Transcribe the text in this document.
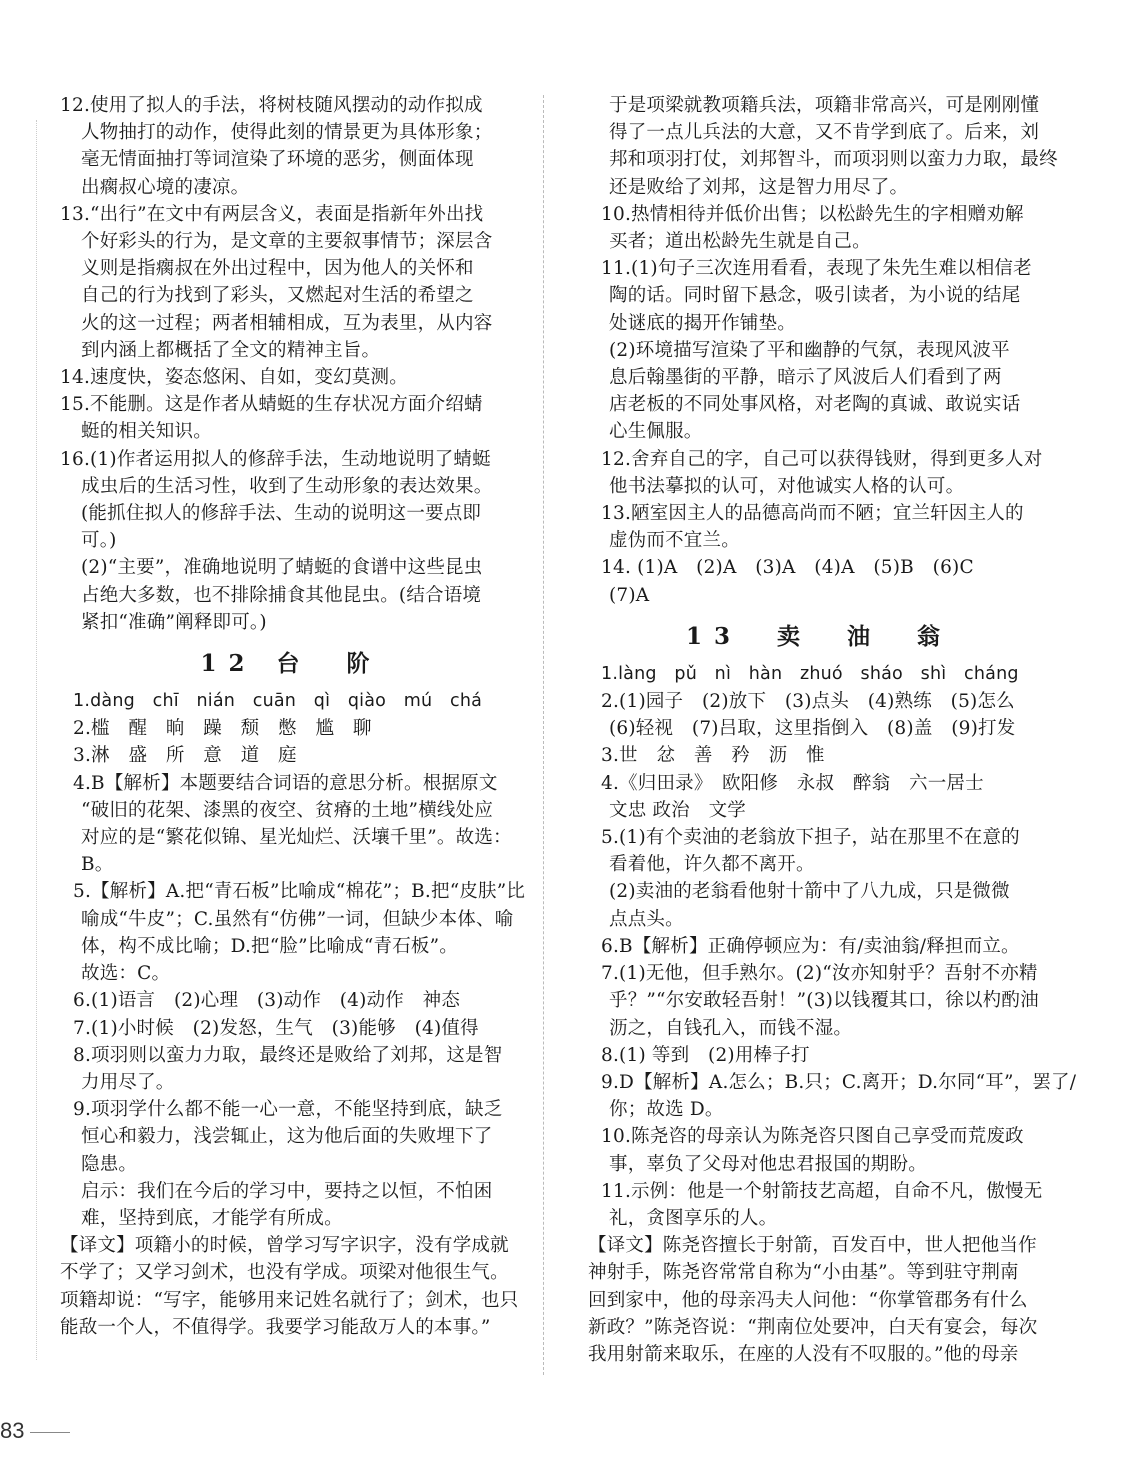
12.使用了拟人的手法，将树枝随风摆动的动作拟成
人物抽打的动作，使得此刻的情景更为具体形象；
毫无情面抽打等词渲染了环境的恶劣，侧面体现
出瘸叔心境的凄凉。
13.“出行”在文中有两层含义，表面是指新年外出找
个好彩头的行为，是文章的主要叙事情节；深层含
义则是指瘸叔在外出过程中，因为他人的关怀和
自己的行为找到了彩头，又燃起对生活的希望之
火的这一过程；两者相辅相成，互为表里，从内容
到内涵上都概括了全文的精神主旨。
14.速度快，姿态悠闲、自如，变幻莫测。
15.不能删。这是作者从蜻蜓的生存状况方面介绍蜻
蜓的相关知识。
16.(1)作者运用拟人的修辞手法，生动地说明了蜻蜓
成虫后的生活习性，收到了生动形象的表达效果。
(能抓住拟人的修辞手法、生动的说明这一要点即
可。)
(2)“主要”，准确地说明了蜻蜓的食谱中这些昆虫
占绝大多数，也不排除捕食其他昆虫。(结合语境
紧扣“准确”阐释即可。)
12 台　阶
1.dàng　chī　nián　cuān　qì　qiào　mú　chá
2.槛　醒　晌　躁　颓　憋　尴　聊
3.淋　盛　所　意　道　庭
4.B【解析】本题要结合词语的意思分析。根据原文
“破旧的花架、漆黑的夜空、贫瘠的土地”横线处应
对应的是“繁花似锦、星光灿烂、沃壤千里”。故选：
B。
5.【解析】A.把“青石板”比喻成“棉花”；B.把“皮肤”比
喻成“牛皮”；C.虽然有“仿佛”一词，但缺少本体、喻
体，构不成比喻；D.把“脸”比喻成“青石板”。
故选：C。
6.(1)语言　(2)心理　(3)动作　(4)动作　神态
7.(1)小时候　(2)发怒，生气　(3)能够　(4)值得
8.项羽则以蛮力力取，最终还是败给了刘邦，这是智
力用尽了。
9.项羽学什么都不能一心一意，不能坚持到底，缺乏
恒心和毅力，浅尝辄止，这为他后面的失败埋下了
隐患。
启示：我们在今后的学习中，要持之以恒，不怕困
难，坚持到底，才能学有所成。
【译文】项籍小的时候，曾学习写字识字，没有学成就
不学了；又学习剑术，也没有学成。项梁对他很生气。
项籍却说：“写字，能够用来记姓名就行了；剑术，也只
能敌一个人，不值得学。我要学习能敌万人的本事。”
于是项梁就教项籍兵法，项籍非常高兴，可是刚刚懂
得了一点儿兵法的大意，又不肯学到底了。后来，刘
邦和项羽打仗，刘邦智斗，而项羽则以蛮力力取，最终
还是败给了刘邦，这是智力用尽了。
10.热情相待并低价出售；以松龄先生的字相赠劝解
买者；道出松龄先生就是自己。
11.(1)句子三次连用看看，表现了朱先生难以相信老
陶的话。同时留下悬念，吸引读者，为小说的结尾
处谜底的揭开作铺垫。
(2)环境描写渲染了平和幽静的气氛，表现风波平
息后翰墨街的平静，暗示了风波后人们看到了两
店老板的不同处事风格，对老陶的真诚、敢说实话
心生佩服。
12.舍弃自己的字，自己可以获得钱财，得到更多人对
他书法摹拟的认可，对他诚实人格的认可。
13.陋室因主人的品德高尚而不陋；宜兰轩因主人的
虚伪而不宜兰。
14. (1)A　(2)A　(3)A　(4)A　(5)B　(6)C
(7)A
13　卖　油　翁
1.làng　pǔ　nì　hàn　zhuó　sháo　shì　cháng
2.(1)园子　(2)放下　(3)点头　(4)熟练　(5)怎么
(6)轻视　(7)吕取，这里指倒入　(8)盖　(9)打发
3.世　忿　善　矜　沥　惟
4.《归田录》　欧阳修　永叔　醉翁　六一居士
文忠 政治　文学
5.(1)有个卖油的老翁放下担子，站在那里不在意的
看着他，许久都不离开。
(2)卖油的老翁看他射十箭中了八九成，只是微微
点点头。
6.B【解析】正确停顿应为：有/卖油翁/释担而立。
7.(1)无他，但手熟尔。(2)“汝亦知射乎？吾射不亦精
乎？”“尔安敢轻吾射！”(3)以钱覆其口，徐以杓酌油
沥之，自钱孔入，而钱不湿。
8.(1) 等到　(2)用棒子打
9.D【解析】A.怎么；B.只；C.离开；D.尔同“耳”，罢了/
你；故选 D。
10.陈尧咨的母亲认为陈尧咨只图自己享受而荒废政
事，辜负了父母对他忠君报国的期盼。
11.示例：他是一个射箭技艺高超，自命不凡，傲慢无
礼，贪图享乐的人。
【译文】陈尧咨擅长于射箭，百发百中，世人把他当作
神射手，陈尧咨常常自称为“小由基”。等到驻守荆南
回到家中，他的母亲冯夫人问他：“你掌管郡务有什么
新政？”陈尧咨说：“荆南位处要冲，白天有宴会，每次
我用射箭来取乐，在座的人没有不叹服的。”他的母亲
83
